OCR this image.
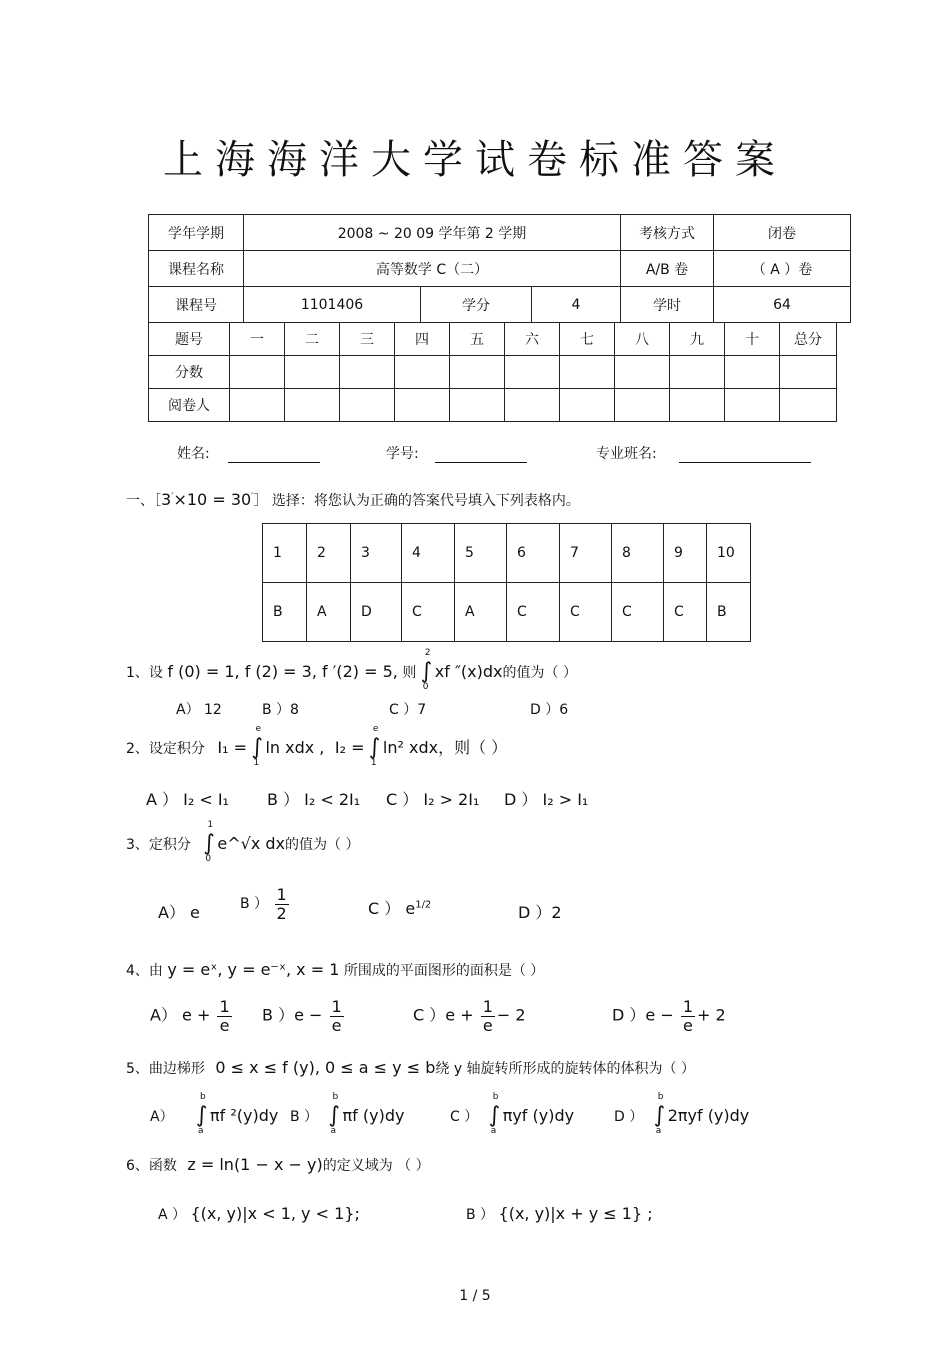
上海海洋大学试卷标准答案
学年学期	2008 ~ 20 09 学年第 2 学期			考核方式	闭卷
课程名称	高等数学 C（二）			A/B 卷	（ A ）卷
课程号	1101406	学分	4	学时	64
题号	一	二	三	四	五	六	七	八	九	十	总分
分数											
阅卷人											
姓名:	学号:	专业班名:
一、［3′×10 = 30′］ 选择：将您认为正确的答案代号填入下列表格内。
1	2	3	4	5	6	7	8	9	10
B	A	D	C	A	C	C	C	C	B
1、设 f (0) = 1, f (2) = 3, f ′(2) = 5, 则 ∫
2
0
xf ″(x)dx的值为（ ）
A） 12	B ）8	C ）7	D ）6
2、设定积分 I₁ = ∫
e
1
ln xdx , I₂ = ∫
e
1
ln² xdx，则（ ）
A ） I₂ < I₁ B ） I₂ < 2I₁ C ） I₂ > 2I₁ D ） I₂ > I₁
3、定积分 ∫
1
0
e^√x dx的值为（ ）
A） e	B ） $\frac{1}{2}$	C ） $e^{1/2}$	D ）2
4、由 y = eˣ, y = e⁻ˣ, x = 1 所围成的平面图形的面积是（ ）
A） $e + \frac{1}{e}$ B ）$e - \frac{1}{e}$	C ）$e + \frac{1}{e} - 2$	D ）$e - \frac{1}{e} + 2$
5、曲边梯形 0 ≤ x ≤ f (y), 0 ≤ a ≤ y ≤ b绕 y 轴旋转所形成的旋转体的体积为（ ）
A） ∫
b
a
πf ²(y)dy B ） ∫
b
a
πf (y)dy	C ） ∫
b
a
πyf (y)dy	D ） ∫
b
a
2πyf (y)dy
6、函数 z = ln(1 − x − y)的定义域为 （ ）
A ） {(x, y)|x < 1, y < 1};	B ） {(x, y)|x + y ≤ 1} ;
1 / 5
